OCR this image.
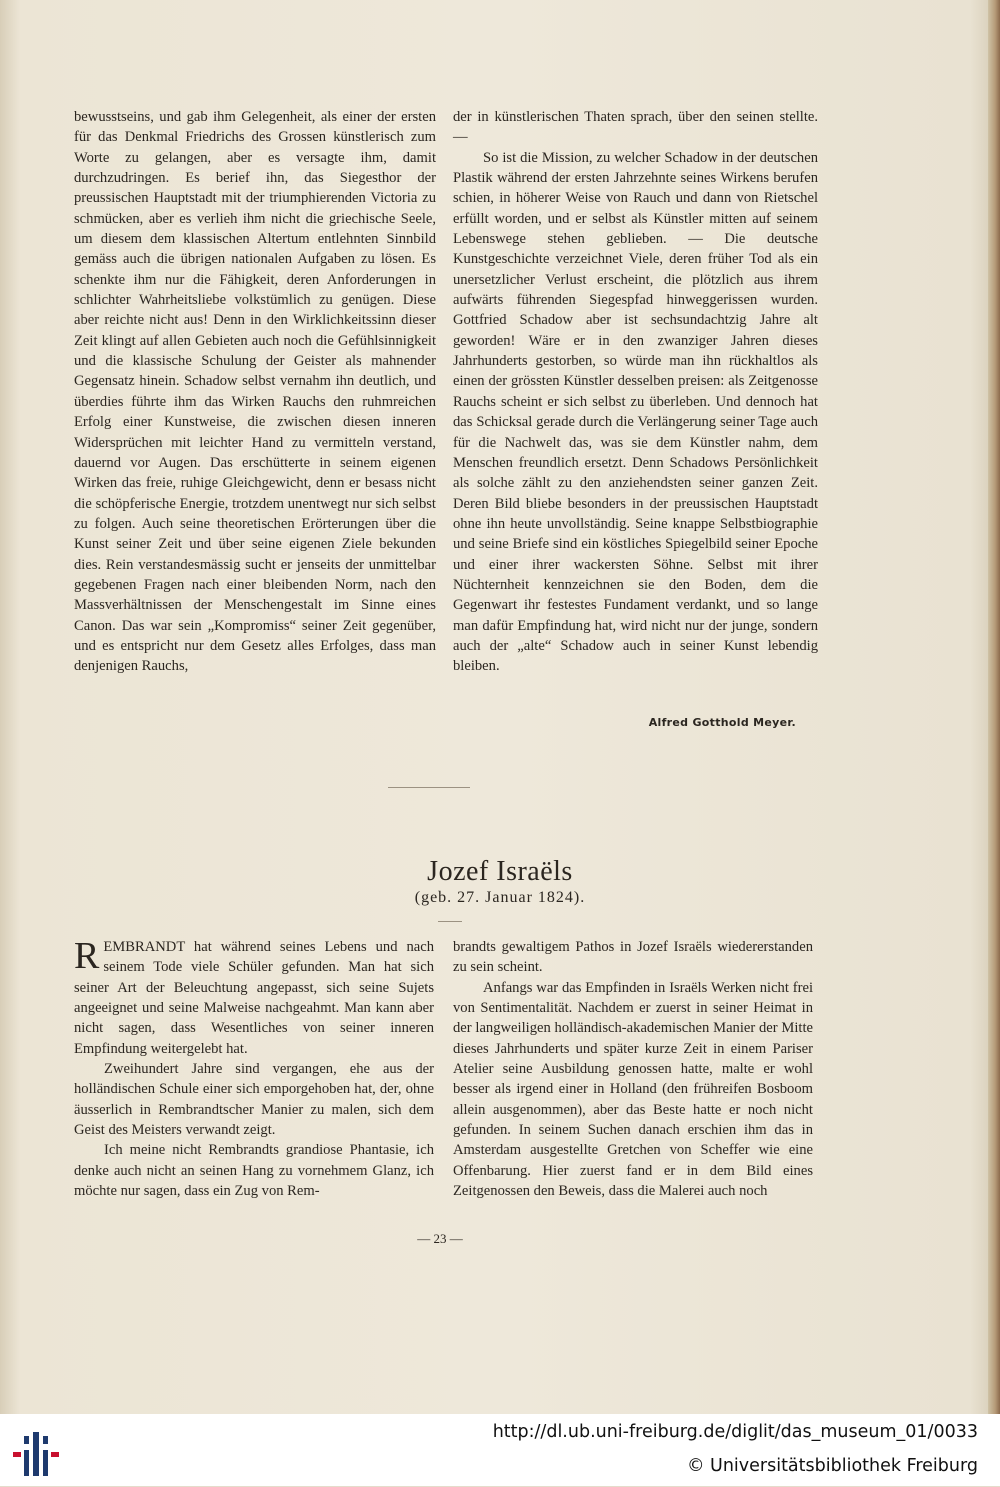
bewusstseins, und gab ihm Gelegenheit, als einer der ersten für das Denkmal Friedrichs des Grossen künstlerisch zum Worte zu gelangen, aber es versagte ihm, damit durchzudringen. Es berief ihn, das Siegesthor der preussischen Hauptstadt mit der triumphierenden Victoria zu schmücken, aber es verlieh ihm nicht die griechische Seele, um diesem dem klassischen Altertum entlehnten Sinnbild gemäss auch die übrigen nationalen Aufgaben zu lösen. Es schenkte ihm nur die Fähigkeit, deren Anforderungen in schlichter Wahrheitsliebe volkstümlich zu genügen. Diese aber reichte nicht aus! Denn in den Wirklichkeitssinn dieser Zeit klingt auf allen Gebieten auch noch die Gefühlsinnigkeit und die klassische Schulung der Geister als mahnender Gegensatz hinein. Schadow selbst vernahm ihn deutlich, und überdies führte ihm das Wirken Rauchs den ruhmreichen Erfolg einer Kunstweise, die zwischen diesen inneren Widersprüchen mit leichter Hand zu vermitteln verstand, dauernd vor Augen. Das erschütterte in seinem eigenen Wirken das freie, ruhige Gleichgewicht, denn er besass nicht die schöpferische Energie, trotzdem unentwegt nur sich selbst zu folgen. Auch seine theoretischen Erörterungen über die Kunst seiner Zeit und über seine eigenen Ziele bekunden dies. Rein verstandesmässig sucht er jenseits der unmittelbar gegebenen Fragen nach einer bleibenden Norm, nach den Massverhältnissen der Menschengestalt im Sinne eines Canon. Das war sein „Kompromiss“ seiner Zeit gegenüber, und es entspricht nur dem Gesetz alles Erfolges, dass man denjenigen Rauchs,

der in künstlerischen Thaten sprach, über den seinen stellte. —

So ist die Mission, zu welcher Schadow in der deutschen Plastik während der ersten Jahrzehnte seines Wirkens berufen schien, in höherer Weise von Rauch und dann von Rietschel erfüllt worden, und er selbst als Künstler mitten auf seinem Lebenswege stehen geblieben. — Die deutsche Kunstgeschichte verzeichnet Viele, deren früher Tod als ein unersetzlicher Verlust erscheint, die plötzlich aus ihrem aufwärts führenden Siegespfad hinweggerissen wurden. Gottfried Schadow aber ist sechsundachtzig Jahre alt geworden! Wäre er in den zwanziger Jahren dieses Jahrhunderts gestorben, so würde man ihn rückhaltlos als einen der grössten Künstler desselben preisen: als Zeitgenosse Rauchs scheint er sich selbst zu überleben. Und dennoch hat das Schicksal gerade durch die Verlängerung seiner Tage auch für die Nachwelt das, was sie dem Künstler nahm, dem Menschen freundlich ersetzt. Denn Schadows Persönlichkeit als solche zählt zu den anziehendsten seiner ganzen Zeit. Deren Bild bliebe besonders in der preussischen Hauptstadt ohne ihn heute unvollständig. Seine knappe Selbstbiographie und seine Briefe sind ein köstliches Spiegelbild seiner Epoche und einer ihrer wackersten Söhne. Selbst mit ihrer Nüchternheit kennzeichnen sie den Boden, dem die Gegenwart ihr festestes Fundament verdankt, und so lange man dafür Empfindung hat, wird nicht nur der junge, sondern auch der „alte“ Schadow auch in seiner Kunst lebendig bleiben.

Alfred Gotthold Meyer.
Jozef Israëls
(geb. 27. Januar 1824).

REMBRANDT hat während seines Lebens und nach seinem Tode viele Schüler gefunden. Man hat sich seiner Art der Beleuchtung angepasst, sich seine Sujets angeeignet und seine Malweise nachgeahmt. Man kann aber nicht sagen, dass Wesentliches von seiner inneren Empfindung weitergelebt hat.

Zweihundert Jahre sind vergangen, ehe aus der holländischen Schule einer sich emporgehoben hat, der, ohne äusserlich in Rembrandtscher Manier zu malen, sich dem Geist des Meisters verwandt zeigt.

Ich meine nicht Rembrandts grandiose Phantasie, ich denke auch nicht an seinen Hang zu vornehmem Glanz, ich möchte nur sagen, dass ein Zug von Rem-

brandts gewaltigem Pathos in Jozef Israëls wiedererstanden zu sein scheint.

Anfangs war das Empfinden in Israëls Werken nicht frei von Sentimentalität. Nachdem er zuerst in seiner Heimat in der langweiligen holländisch-akademischen Manier der Mitte dieses Jahrhunderts und später kurze Zeit in einem Pariser Atelier seine Ausbildung genossen hatte, malte er wohl besser als irgend einer in Holland (den frühreifen Bosboom allein ausgenommen), aber das Beste hatte er noch nicht gefunden. In seinem Suchen danach erschien ihm das in Amsterdam ausgestellte Gretchen von Scheffer wie eine Offenbarung. Hier zuerst fand er in dem Bild eines Zeitgenossen den Beweis, dass die Malerei auch noch

— 23 —
http://dl.ub.uni-freiburg.de/diglit/das_museum_01/0033
© Universitätsbibliothek Freiburg
